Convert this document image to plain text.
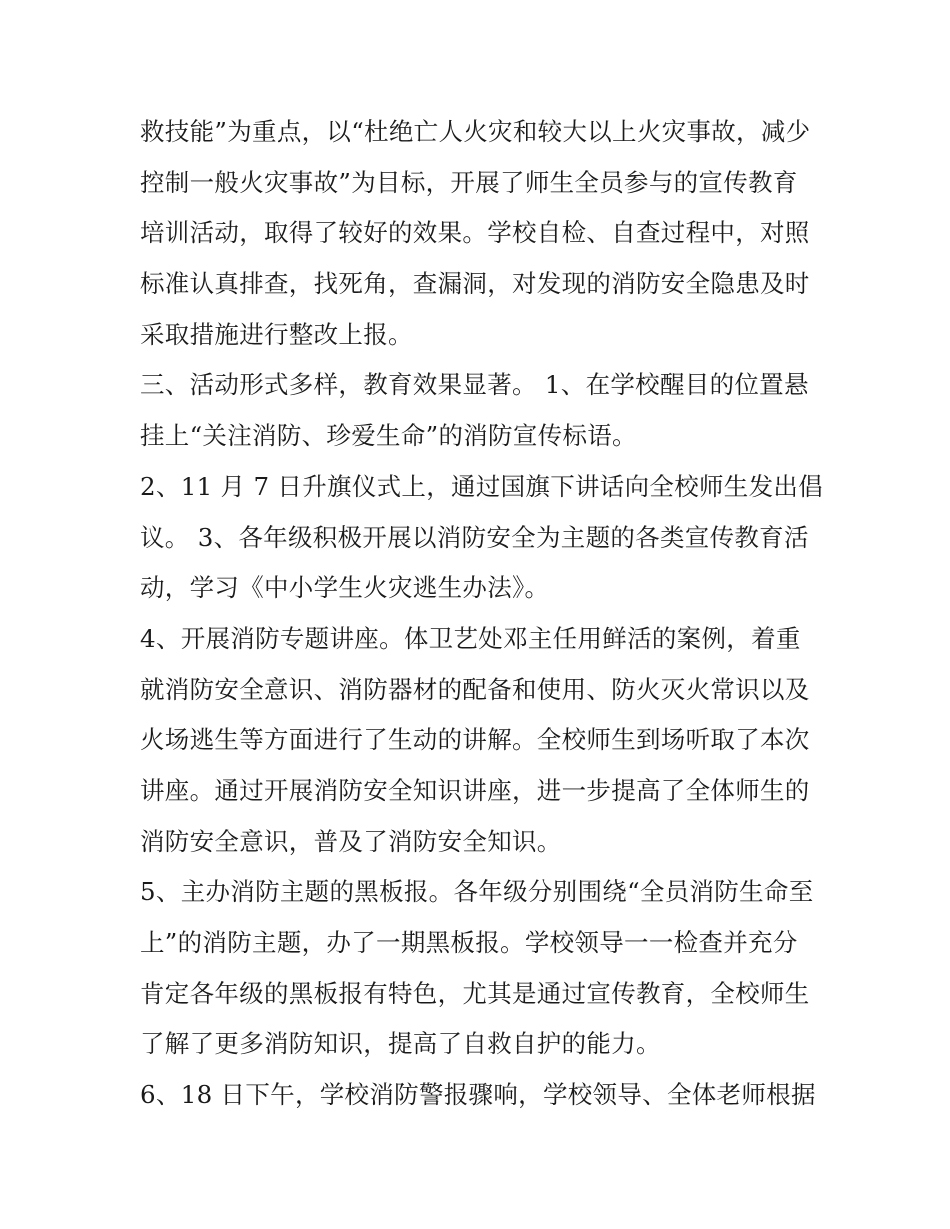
救技能”为重点，以“杜绝亡人火灾和较大以上火灾事故，减少
控制一般火灾事故”为目标，开展了师生全员参与的宣传教育
培训活动，取得了较好的效果。学校自检、自查过程中，对照
标准认真排查，找死角，查漏洞，对发现的消防安全隐患及时
采取措施进行整改上报。
三、活动形式多样，教育效果显著。 1、在学校醒目的位置悬
挂上“关注消防、珍爱生命”的消防宣传标语。
2、11 月 7 日升旗仪式上，通过国旗下讲话向全校师生发出倡
议。 3、各年级积极开展以消防安全为主题的各类宣传教育活
动，学习《中小学生火灾逃生办法》。
4、开展消防专题讲座。体卫艺处邓主任用鲜活的案例，着重
就消防安全意识、消防器材的配备和使用、防火灭火常识以及
火场逃生等方面进行了生动的讲解。全校师生到场听取了本次
讲座。通过开展消防安全知识讲座，进一步提高了全体师生的
消防安全意识，普及了消防安全知识。
5、主办消防主题的黑板报。各年级分别围绕“全员消防生命至
上”的消防主题，办了一期黑板报。学校领导一一检查并充分
肯定各年级的黑板报有特色，尤其是通过宣传教育，全校师生
了解了更多消防知识，提高了自救自护的能力。
6、18 日下午，学校消防警报骤响，学校领导、全体老师根据
